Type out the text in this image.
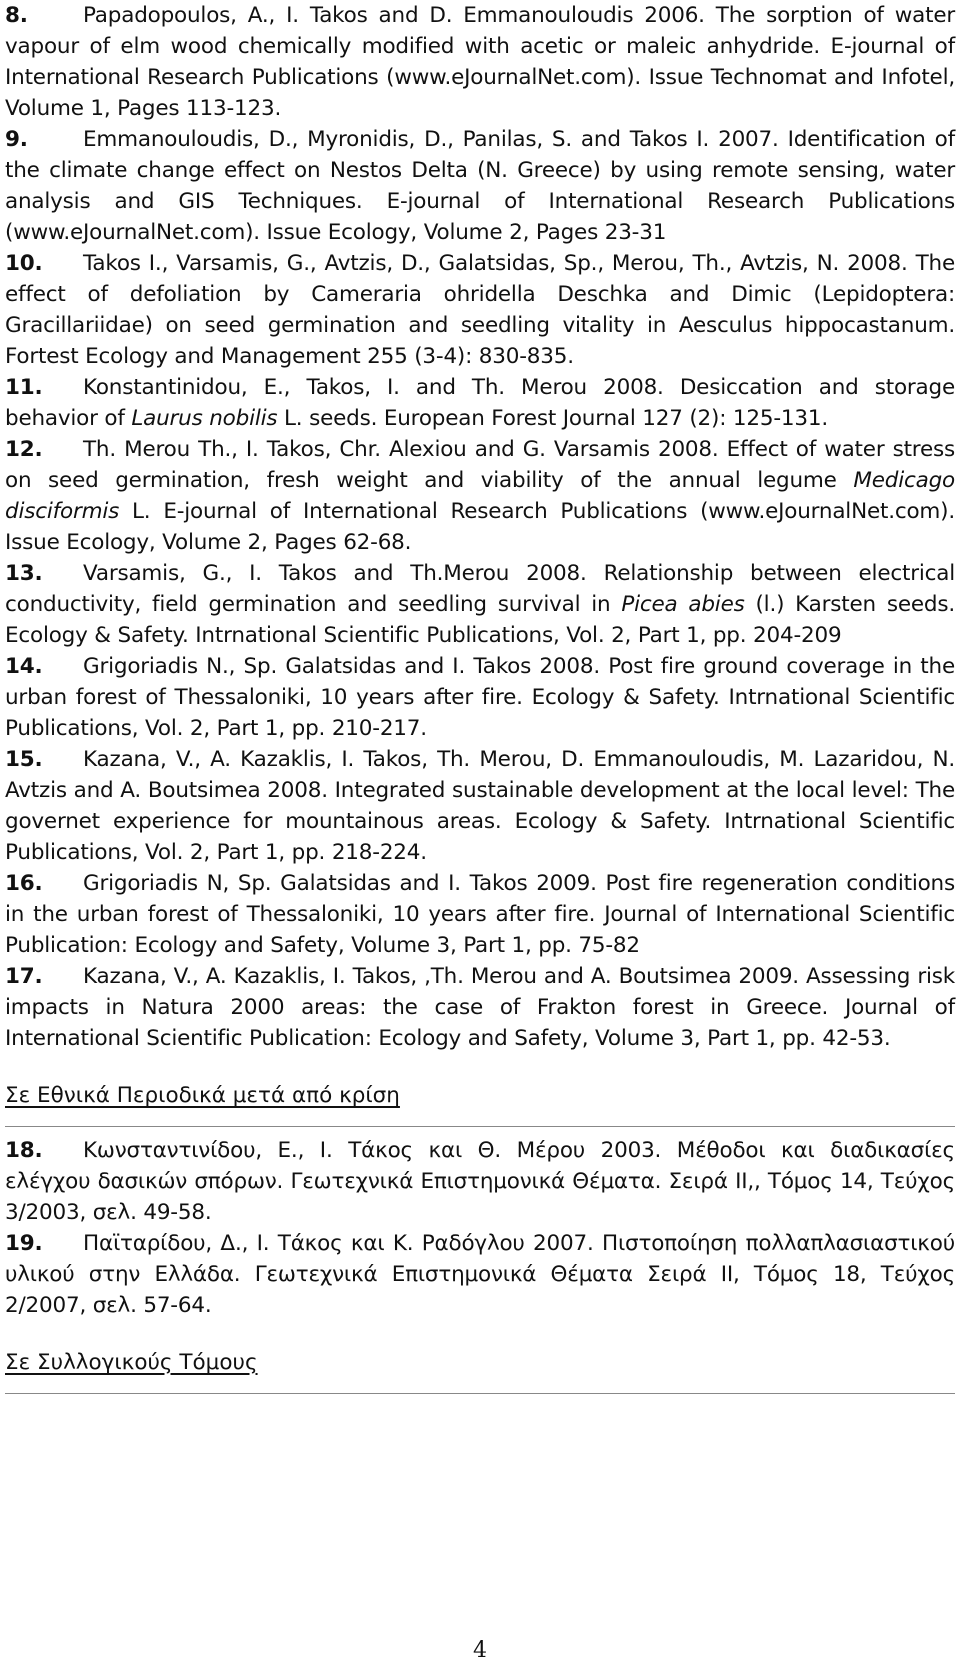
8.	Papadopoulos, A., I. Takos and D. Emmanouloudis 2006. The sorption of water vapour of elm wood chemically modified with acetic or maleic anhydride. E-journal of International Research Publications (www.eJournalNet.com). Issue Technomat and Infotel, Volume 1, Pages 113-123.

9.	Emmanouloudis, D., Myronidis, D., Panilas, S. and Takos I. 2007. Identification of the climate change effect on Nestos Delta (N. Greece) by using remote sensing, water analysis and GIS Techniques. E-journal of International Research Publications (www.eJournalNet.com). Issue Ecology, Volume 2, Pages 23-31

10. Takos I., Varsamis, G., Avtzis, D., Galatsidas, Sp., Merou, Th., Avtzis, N. 2008. The effect of defoliation by Cameraria ohridella Deschka and Dimic (Lepidoptera: Gracillariidae) on seed germination and seedling vitality in Aesculus hippocastanum. Fortest Ecology and Management 255 (3-4): 830-835.

11. Konstantinidou, E., Takos, I. and Th. Merou 2008. Desiccation and storage behavior of Laurus nobilis L. seeds. European Forest Journal 127 (2): 125-131.

12. Th. Merou Th., I. Takos, Chr. Alexiou and G. Varsamis 2008. Effect of water stress on seed germination, fresh weight and viability of the annual legume Medicago disciformis L. E-journal of International Research Publications (www.eJournalNet.com). Issue Ecology, Volume 2, Pages 62-68.

13. Varsamis, G., I. Takos and Th.Merou 2008. Relationship between electrical conductivity, field germination and seedling survival in Picea abies (l.) Karsten seeds. Ecology & Safety. Intrnational Scientific Publications, Vol. 2, Part 1, pp. 204-209

14. Grigoriadis N., Sp. Galatsidas and I. Takos 2008. Post fire ground coverage in the urban forest of Thessaloniki, 10 years after fire. Ecology & Safety. Intrnational Scientific Publications, Vol. 2, Part 1, pp. 210-217.

15. Kazana, V., A. Kazaklis, I. Takos, Th. Merou, D. Emmanouloudis, M. Lazaridou, N. Avtzis and A. Boutsimea 2008. Integrated sustainable development at the local level: The governet experience for mountainous areas. Ecology & Safety. Intrnational Scientific Publications, Vol. 2, Part 1, pp. 218-224.

16. Grigoriadis N, Sp. Galatsidas and I. Takos 2009. Post fire regeneration conditions in the urban forest of Thessaloniki, 10 years after fire. Journal of International Scientific Publication: Ecology and Safety, Volume 3, Part 1, pp. 75-82

17. Kazana, V., A. Kazaklis, I. Takos, ,Th. Merou and A. Boutsimea 2009. Assessing risk impacts in Natura 2000 areas: the case of Frakton forest in Greece. Journal of International Scientific Publication: Ecology and Safety, Volume 3, Part 1, pp. 42-53.

Σε Εθνικά Περιοδικά μετά από κρίση

18. Κωνσταντινίδου, Ε., Ι. Τάκος και Θ. Μέρου 2003. Μέθοδοι και διαδικασίες ελέγχου δασικών σπόρων. Γεωτεχνικά Επιστημονικά Θέματα. Σειρά ΙΙ,, Τόμος 14, Τεύχος 3/2003, σελ. 49-58.

19. Παϊταρίδου, Δ., Ι. Τάκος και Κ. Ραδόγλου 2007. Πιστοποίηση πολλαπλασιαστικού υλικού στην Ελλάδα. Γεωτεχνικά Επιστημονικά Θέματα Σειρά ΙΙ, Τόμος 18, Τεύχος 2/2007, σελ. 57-64.

Σε Συλλογικούς Τόμους

4
